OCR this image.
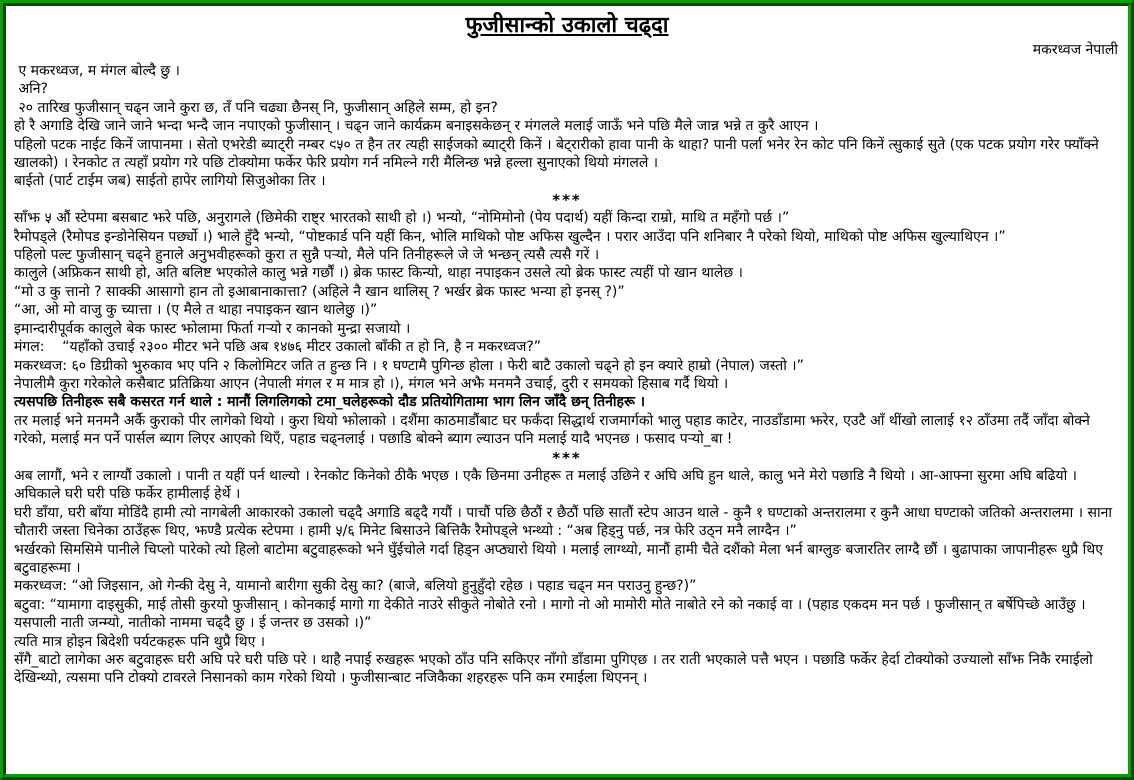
फुजीसान्को उकालो चढ्दा
मकरध्वज नेपाली

ए मकरध्वज, म मंगल बोल्दै छु ।

अनि?

२० तारिख फुजीसान् चढ्न जाने कुरा छ, तँ पनि चढ्या छैनस् नि, फुजीसान् अहिले सम्म, हो इन?

हो रै अगाडि देखि जाने जाने भन्दा भन्दै जान नपाएको फुजीसान् । चढ्न जाने कार्यक्रम बनाइसकेछन् र मंगलले मलाई जाऊँ भने पछि मैले जान्न भन्ने त कुरै आएन ।

पहिलो पटक नाईट किनें जापानमा । सेतो एभरेडी ब्याट्री नम्बर ९५० त हैन तर त्यही साईजको ब्याट्री किनें । बेट्रारीको हावा पानी के थाहा? पानी पर्ला भनेर रेन कोट पनि किनें त्सुकाई सुते (एक पटक प्रयोग गरेर फ्याँक्ने खालको) । रेनकोट त त्यहाँ प्रयोग गरे पछि टोक्योमा फर्केर फेरि प्रयोग गर्न नमिल्ने गरी मैलिन्छ भन्ने हल्ला सुनाएको थियो मंगलले ।

बाईतो (पार्ट टाईम जब) साईतो हापेर लागियो सिजुओका तिर ।

***

साँझ ५ औं स्टेपमा बसबाट झरे पछि, अनुरागले (छिमेकी राष्ट्र भारतको साथी हो ।) भन्यो, “नोमिमोनो (पेय पदार्थ) यहीं किन्दा राम्रो, माथि त महँगो पर्छ ।”

रैमोपड्ले (रैमोपड इन्डोनेसियन पर्छ्यो ।) भाले हुँदै भन्यो, “पोष्टकार्ड पनि यहीं किन, भोलि माथिको पोष्ट अफिस खुल्दैन । परार आउँदा पनि शनिबार नै परेको थियो, माथिको पोष्ट अफिस खुल्याथिएन ।”

पहिलो पल्ट फुजीसान् चढ्ने हुनाले अनुभवीहरूको कुरा त सुन्नै पऱ्यो, मैले पनि तिनीहरूले जे जे भन्छन् त्यसै त्यसै गरें ।

कालुले (अफ्रिकन साथी हो, अति बलिष्ट भएकोले कालु भन्ने गर्छौं ।) ब्रेक फास्ट किन्यो, थाहा नपाइकन उसले त्यो ब्रेक फास्ट त्यहीं पो खान थालेछ ।

“मो उ कु त्तानो ? साक्की आसागो हान तो इआबानाकात्ता? (अहिले नै खान थालिस् ? भर्खर ब्रेक फास्ट भन्या हो इनस् ?)”

“आ, ओ मो वाजु कु च्यात्ता । (ए मैले त थाहा नपाइकन खान थालेछु ।)”

इमान्दारीपूर्वक कालुले बेक फास्ट झोलामा फिर्ता गऱ्यो र कानको मुन्द्रा सजायो ।

मंगल:    “यहाँको उचाई २३०० मीटर भने पछि अब १४७६ मीटर उकालो बाँकी त हो नि, है न मकरध्वज?”

मकरध्वज: ६० डिग्रीको भुरुकाव भए पनि २ किलोमिटर जति त हुन्छ नि । १ घण्टामै पुगिन्छ होला । फेरी बाटै उकालो चढ्ने हो इन क्यारे हाम्रो (नेपाल) जस्तो ।”

नेपालीमै कुरा गरेकोले कसैबाट प्रतिक्रिया आएन (नेपाली मंगल र म मात्र हो ।), मंगल भने अझै मनमनै उचाई, दुरी र समयको हिसाब गर्दै थियो ।

त्यसपछि तिनीहरू सबै कसरत गर्न थाले : मानौं लिगलिगको टमा_घलेहरूको दौड प्रतियोगितामा भाग लिन जाँदै छन् तिनीहरू ।

तर मलाई भने मनमनै अर्कै कुराको पीर लागेको थियो । कुरा थियो झोलाको । दशैंमा काठमाडौंबाट घर फर्कंदा सिद्धार्थ राजमार्गको भालु पहाड काटेर, नाउडाँडामा झरेर, एउटै आँ थींखो लालाई १२ ठाँउमा तदैं जाँदा बोक्ने गरेको, मलाई मन पर्ने पार्सल ब्याग लिएर आएको थिएँ, पहाड चढ्नलाई । पछाडि बोक्ने ब्याग ल्याउन पनि मलाई यादै भएनछ । फसाद पऱ्यो_बा !

***

अब लागौं, भने र लाग्यौं उकालो । पानी त यहीं पर्न थाल्यो । रेनकोट किनेको ठीकै भएछ । एकै छिनमा उनीहरू त मलाई उछिने र अघि अघि हुन थाले, कालु भने मेरो पछाडि नै थियो । आ-आफ्ना सुरमा अघि बढियो । अघिकाले घरी घरी पछि फर्केर हामीलाई हेर्थे ।

घरी डाँया, घरी बाँया मोडिंदै हामी त्यो नागबेली आकारको उकालो चढ्दै अगाडि बढ्दै गयौं । पाचौं पछि छैठौं र छैठौं पछि सातौं स्टेप आउन थाले - कुनै १ घण्टाको अन्तरालमा र कुनै आधा घण्टाको जतिको अन्तरालमा । साना चौतारी जस्ता चिनेका ठाउँहरू थिए, झण्डै प्रत्येक स्टेपमा । हामी ५/६ मिनेट बिसाउने बित्तिकै रैमोपड्ले भन्थ्यो : “अब हिड्नु पर्छ, नत्र फेरि उठ्न मनै लाग्दैन ।”

भर्खरको सिमसिमे पानीले चिप्लो पारेको त्यो हिलो बाटोमा बटुवाहरूको भने घुँईचोले गर्दा हिड्न अप्ठ्यारो थियो । मलाई लाग्थ्यो, मानौं हामी चैते दशैंको मेला भर्न बाग्लुङ बजारतिर लाग्दै छौं । बुढापाका जापानीहरू थुप्रै थिए बटुवाहरूमा ।

मकरध्वज: “ओ जिइसान, ओ गेन्की देसु ने, यामानो बारीगा सुकी देसु का? (बाजे, बलियो हुनुहुँदो रहेछ । पहाड चढ्न मन पराउनु हुन्छ?)”

बटुवा: “यामागा दाइसुकी, माई तोसी कुरयो फुजीसान् । कोनकाई मागो गा देकीते नाउरे सीकुते नोबोते रनो । मागो नो ओ मामोरी मोते नाबोते रने को नकाई वा । (पहाड एकदम मन पर्छ । फुजीसान् त बर्षेपिच्छे आउँछु । यसपाली नाती जन्म्यो, नातीको नाममा चढ्दै छु । ई जन्तर छ उसको ।)”

त्यति मात्र होइन बिदेशी पर्यटकहरू पनि थुप्रै थिए ।

सँगै_बाटो लागेका अरु बटुवाहरू घरी अघि परे घरी पछि परे । थाहै नपाई रुखहरू भएको ठाँउ पनि सकिएर नाँगो डाँडामा पुगिएछ । तर राती भएकाले पत्तै भएन । पछाडि फर्केर हेर्दा टोक्योको उज्यालो साँझ निकै रमाईलो देखिन्थ्यो, त्यसमा पनि टोक्यो टावरले निसानको काम गरेको थियो । फुजीसान्बाट नजिकैका शहरहरू पनि कम रमाईला थिएनन् ।
